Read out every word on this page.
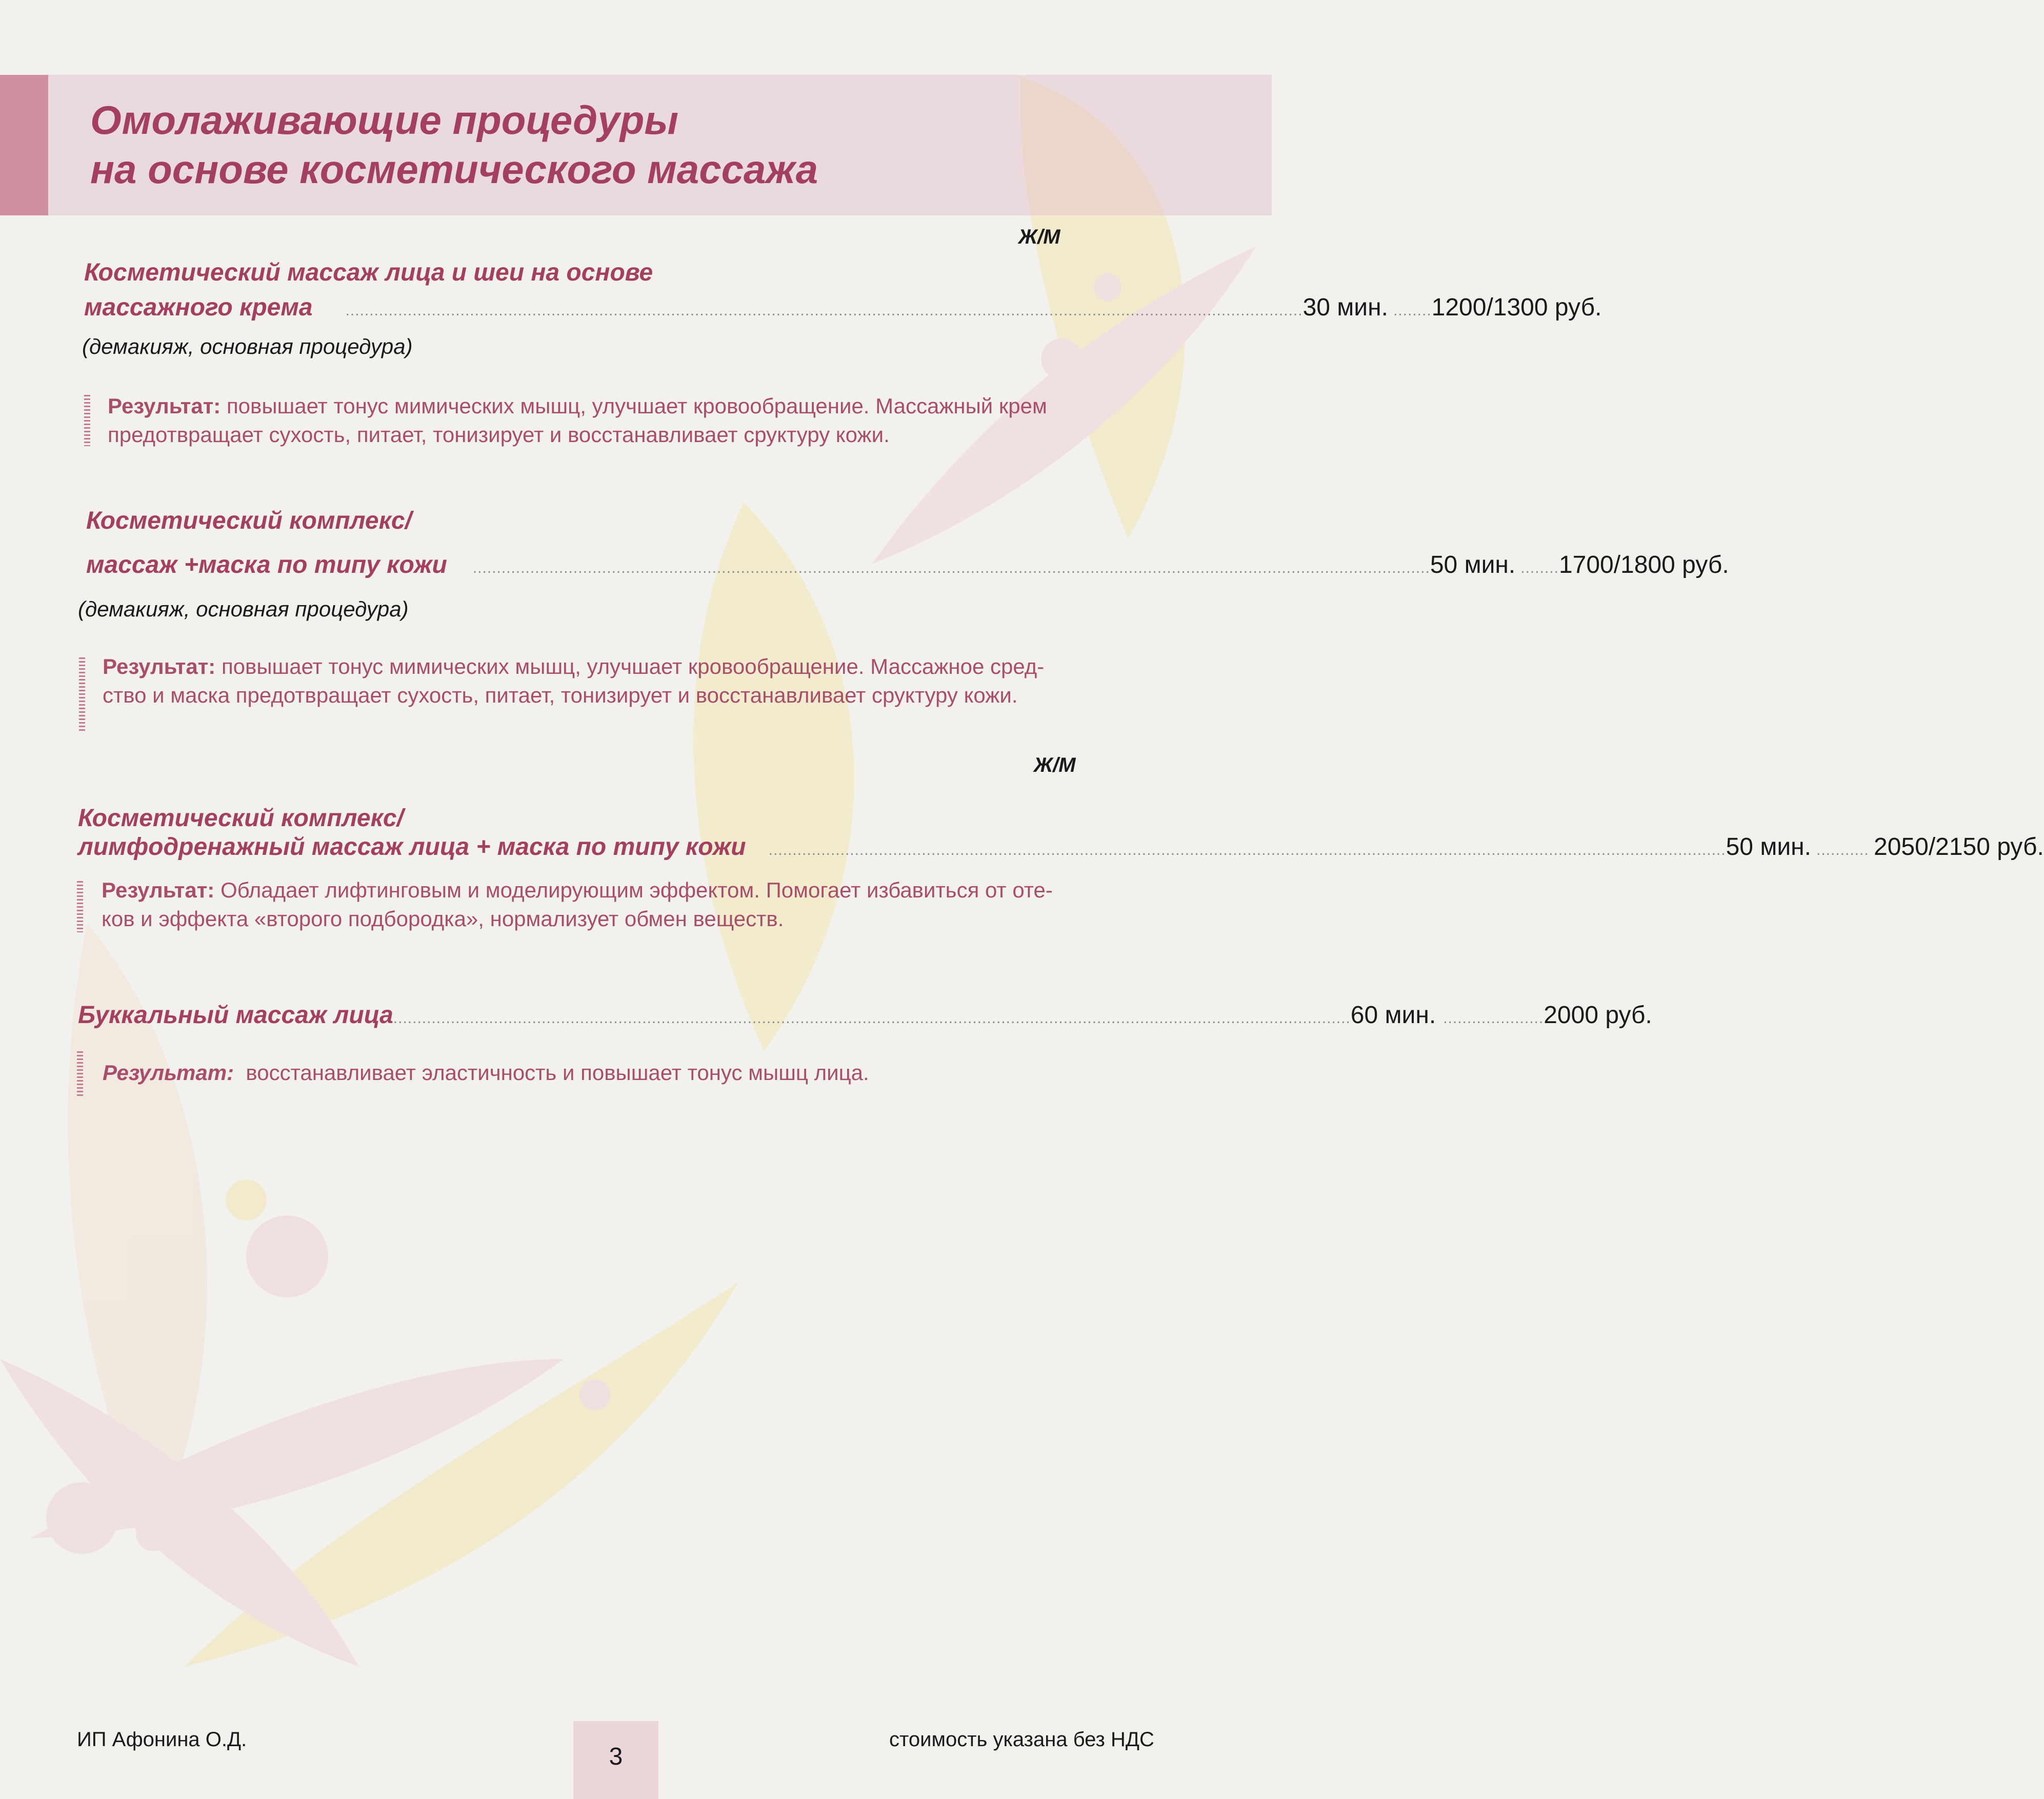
Омолаживающие процедуры
на основе косметического массажа
Ж/М
Косметический массаж лица и шеи на основе
массажного крема ........................................................................................................................................................................................................ 30 мин. ........ 1200/1300 руб.
(демакияж, основная процедура)
Результат: повышает тонус мимических мышц, улучшает кровообращение. Массажный крем
предотвращает сухость, питает, тонизирует и восстанавливает сруктуру кожи.
Косметический комплекс/
массаж +маска по типу кожи ........................................................................................................................................................................................................ 50 мин. ........ 1700/1800 руб.
(демакияж, основная процедура)
Результат: повышает тонус мимических мышц, улучшает кровообращение. Массажное сред-
ство и маска предотвращает сухость, питает, тонизирует и восстанавливает сруктуру кожи.
Ж/М
Косметический комплекс/
лимфодренажный массаж лица + маска по типу кожи ........................................................................................................................................................................................................ 50 мин. ........... 2050/2150 руб.
Результат: Обладает лифтинговым и моделирующим эффектом. Помогает избавиться от оте-
ков и эффекта «второго подбородка», нормализует обмен веществ.
Буккальный массаж лица ........................................................................................................................................................................................................ 60 мин. ..................... 2000 руб.
Результат: восстанавливает эластичность и повышает тонус мышц лица.
ИП Афонина О.Д.
3
стоимость указана без НДС
